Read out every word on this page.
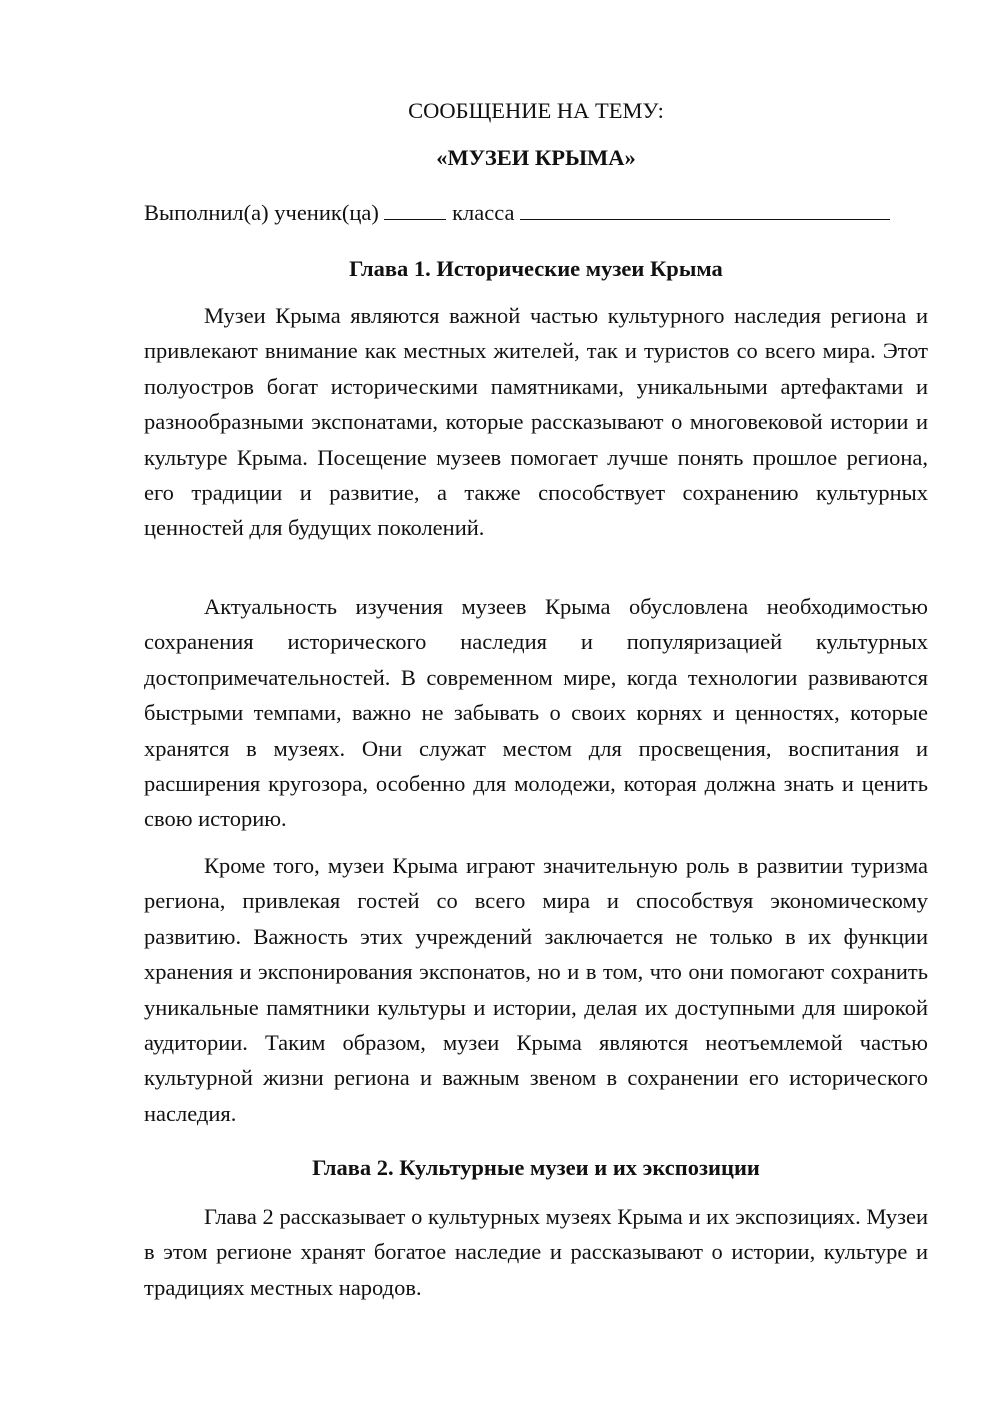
СООБЩЕНИЕ НА ТЕМУ:
«МУЗЕИ КРЫМА»
Выполнил(а) ученик(ца)	класса
Глава 1. Исторические музеи Крыма

Музеи Крыма являются важной частью культурного наследия региона и привлекают внимание как местных жителей, так и туристов со всего мира. Этот полуостров богат историческими памятниками, уникальными артефактами и разнообразными экспонатами, которые рассказывают о многовековой истории и культуре Крыма. Посещение музеев помогает лучше понять прошлое региона, его традиции и развитие, а также способствует сохранению культурных ценностей для будущих поколений.

Актуальность изучения музеев Крыма обусловлена необходимостью сохранения исторического наследия и популяризацией культурных достопримечательностей. В современном мире, когда технологии развиваются быстрыми темпами, важно не забывать о своих корнях и ценностях, которые хранятся в музеях. Они служат местом для просвещения, воспитания и расширения кругозора, особенно для молодежи, которая должна знать и ценить свою историю.

Кроме того, музеи Крыма играют значительную роль в развитии туризма региона, привлекая гостей со всего мира и способствуя экономическому развитию. Важность этих учреждений заключается не только в их функции хранения и экспонирования экспонатов, но и в том, что они помогают сохранить уникальные памятники культуры и истории, делая их доступными для широкой аудитории. Таким образом, музеи Крыма являются неотъемлемой частью культурной жизни региона и важным звеном в сохранении его исторического наследия.

Глава 2. Культурные музеи и их экспозиции

Глава 2 рассказывает о культурных музеях Крыма и их экспозициях. Музеи в этом регионе хранят богатое наследие и рассказывают о истории, культуре и традициях местных народов.
